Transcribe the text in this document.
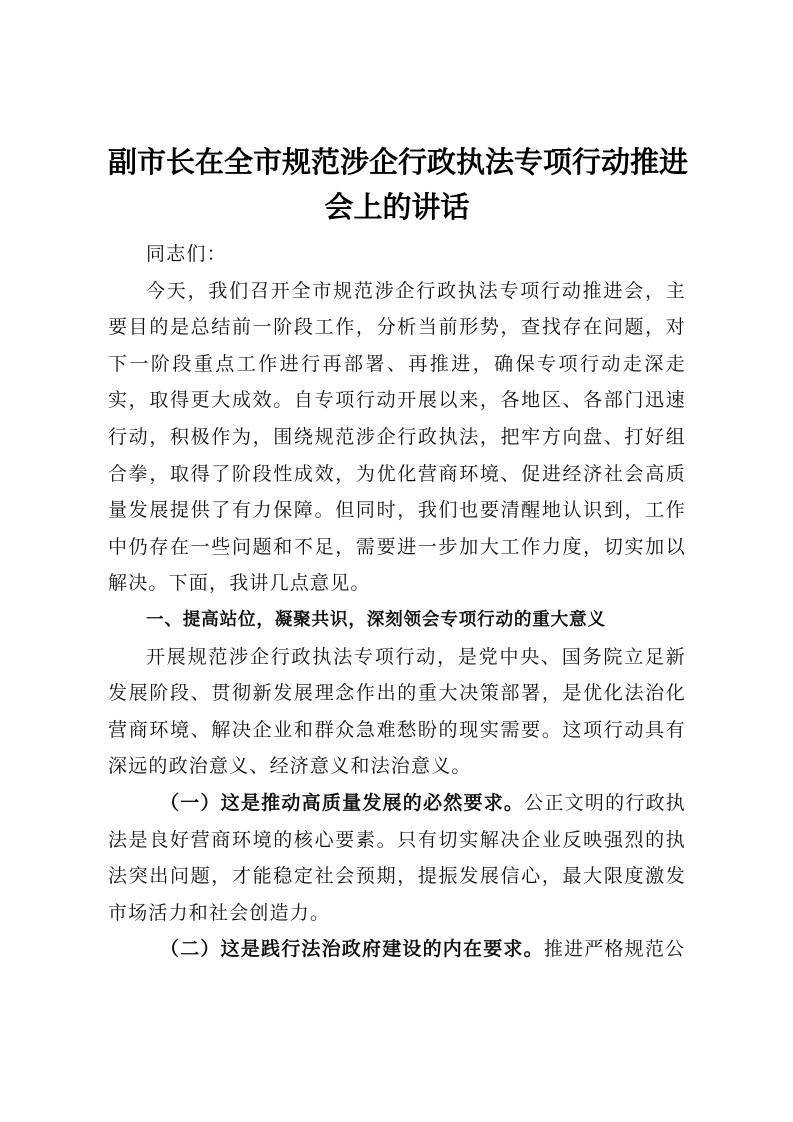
副市长在全市规范涉企行政执法专项行动推进
会上的讲话

同志们：

今天，我们召开全市规范涉企行政执法专项行动推进会，主要目的是总结前一阶段工作，分析当前形势，查找存在问题，对下一阶段重点工作进行再部署、再推进，确保专项行动走深走实，取得更大成效。自专项行动开展以来，各地区、各部门迅速行动，积极作为，围绕规范涉企行政执法，把牢方向盘、打好组合拳，取得了阶段性成效，为优化营商环境、促进经济社会高质量发展提供了有力保障。但同时，我们也要清醒地认识到，工作中仍存在一些问题和不足，需要进一步加大工作力度，切实加以解决。下面，我讲几点意见。

一、提高站位，凝聚共识，深刻领会专项行动的重大意义

开展规范涉企行政执法专项行动，是党中央、国务院立足新发展阶段、贯彻新发展理念作出的重大决策部署，是优化法治化营商环境、解决企业和群众急难愁盼的现实需要。这项行动具有深远的政治意义、经济意义和法治意义。

（一）这是推动高质量发展的必然要求。公正文明的行政执法是良好营商环境的核心要素。只有切实解决企业反映强烈的执法突出问题，才能稳定社会预期，提振发展信心，最大限度激发市场活力和社会创造力。

（二）这是践行法治政府建设的内在要求。推进严格规范公
